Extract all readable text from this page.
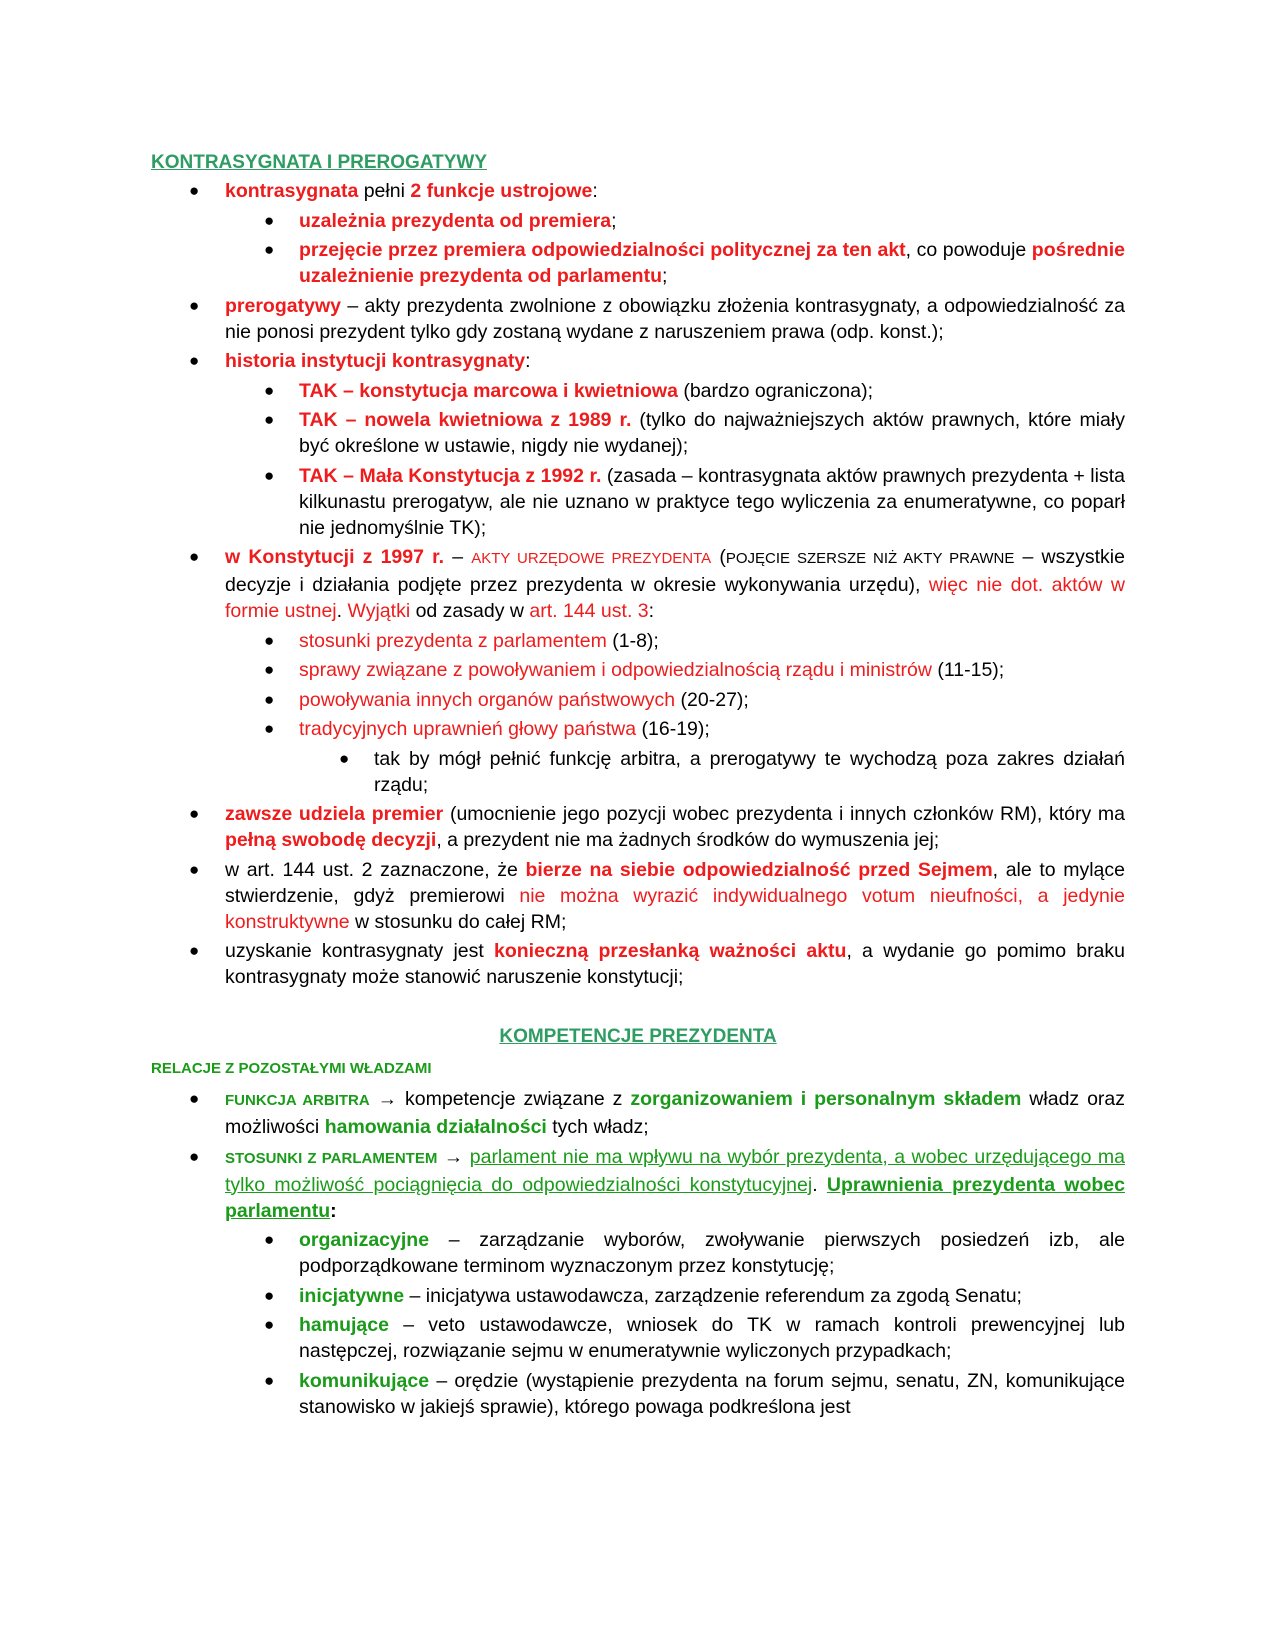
KONTRASYGNATA I PREROGATYWY
● kontrasygnata pełni 2 funkcje ustrojowe:
● uzależnia prezydenta od premiera;
● przejęcie przez premiera odpowiedzialności politycznej za ten akt, co powoduje pośrednie uzależnienie prezydenta od parlamentu;
● prerogatywy – akty prezydenta zwolnione z obowiązku złożenia kontrasygnaty, a odpowiedzialność za nie ponosi prezydent tylko gdy zostaną wydane z naruszeniem prawa (odp. konst.);
● historia instytucji kontrasygnaty:
● TAK – konstytucja marcowa i kwietniowa (bardzo ograniczona);
● TAK – nowela kwietniowa z 1989 r. (tylko do najważniejszych aktów prawnych, które miały być określone w ustawie, nigdy nie wydanej);
● TAK – Mała Konstytucja z 1992 r. (zasada – kontrasygnata aktów prawnych prezydenta + lista kilkunastu prerogatyw, ale nie uznano w praktyce tego wyliczenia za enumeratywne, co poparł nie jednomyślnie TK);
● w Konstytucji z 1997 r. – AKTY URZĘDOWE PREZYDENTA (POJĘCIE SZERSZE NIŻ AKTY PRAWNE – wszystkie decyzje i działania podjęte przez prezydenta w okresie wykonywania urzędu), więc nie dot. aktów w formie ustnej. Wyjątki od zasady w art. 144 ust. 3:
● stosunki prezydenta z parlamentem (1-8);
● sprawy związane z powoływaniem i odpowiedzialnością rządu i ministrów (11-15);
● powoływania innych organów państwowych (20-27);
● tradycyjnych uprawnień głowy państwa (16-19);
● tak by mógł pełnić funkcję arbitra, a prerogatywy te wychodzą poza zakres działań rządu;
● zawsze udziela premier (umocnienie jego pozycji wobec prezydenta i innych członków RM), który ma pełną swobodę decyzji, a prezydent nie ma żadnych środków do wymuszenia jej;
● w art. 144 ust. 2 zaznaczone, że bierze na siebie odpowiedzialność przed Sejmem, ale to mylące stwierdzenie, gdyż premierowi nie można wyrazić indywidualnego votum nieufności, a jedynie konstruktywne w stosunku do całej RM;
● uzyskanie kontrasygnaty jest konieczną przesłanką ważności aktu, a wydanie go pomimo braku kontrasygnaty może stanowić naruszenie konstytucji;
KOMPETENCJE PREZYDENTA
RELACJE Z POZOSTAŁYMI WŁADZAMI
● FUNKCJA ARBITRA → kompetencje związane z zorganizowaniem i personalnym składem władz oraz możliwości hamowania działalności tych władz;
● STOSUNKI Z PARLAMENTEM → parlament nie ma wpływu na wybór prezydenta, a wobec urzędującego ma tylko możliwość pociągnięcia do odpowiedzialności konstytucyjnej. Uprawnienia prezydenta wobec parlamentu:
● organizacyjne – zarządzanie wyborów, zwoływanie pierwszych posiedzeń izb, ale podporządkowane terminom wyznaczonym przez konstytucję;
● inicjatywne – inicjatywa ustawodawcza, zarządzenie referendum za zgodą Senatu;
● hamujące – veto ustawodawcze, wniosek do TK w ramach kontroli prewencyjnej lub następczej, rozwiązanie sejmu w enumeratywnie wyliczonych przypadkach;
● komunikujące – orędzie (wystąpienie prezydenta na forum sejmu, senatu, ZN, komunikujące stanowisko w jakiejś sprawie), którego powaga podkreślona jest
